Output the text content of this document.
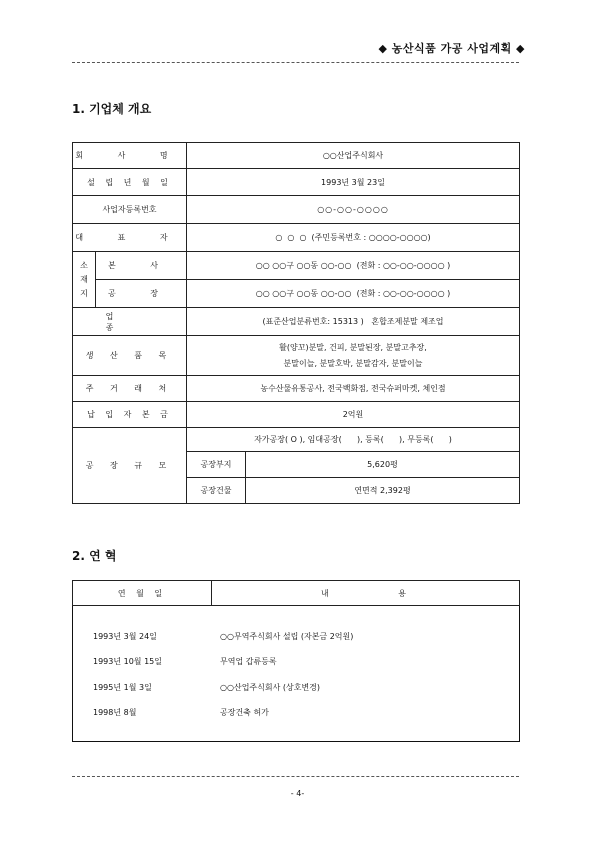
◆ 농산식품 가공 사업계획 ◆
1. 기업체 개요
회 사 명		○○산업주식회사	
설 립 년 월 일		1993년 3월 23일	
사업자등록번호		○○-○○-○○○○	
대 표 자		○  ○  ○  (주민등록번호 : ○○○○-○○○○)	

소재지	본 사	○○ ○○구 ○○동 ○○-○○  (전화 : ○○-○○-○○○○ )	
	공 장	○○ ○○구 ○○동 ○○-○○  (전화 : ○○-○○-○○○○ )	
업 종		(표준산업분류번호: 15313 )   혼합조제분말 제조업	
생 산 품 목		활(양꼬)분말, 건피, 분말된장, 분말고추장,
분말이늘, 분말호박, 분말감자, 분말이늘	

주 거 래 처		농수산물유통공사, 전국백화점, 전국슈퍼마켓, 체인점	
납 입 자 본 금		2억원	
공 장 규 모		자가공장( O ), 임대공장(      ), 등록(      ), 무등록(      )	
		공장부지	5,620평
		공장건물	연면적 2,392평
2. 연 혁
연 월 일	내          용

1993년 3월 24일	○○무역주식회사 설립 (자본금 2억원)
1993년 10월 15일	무역업 갑류등록
1995년 1월 3일	○○산업주식회사 (상호변경)
1998년 8월	공장건축 허가
- 4-
